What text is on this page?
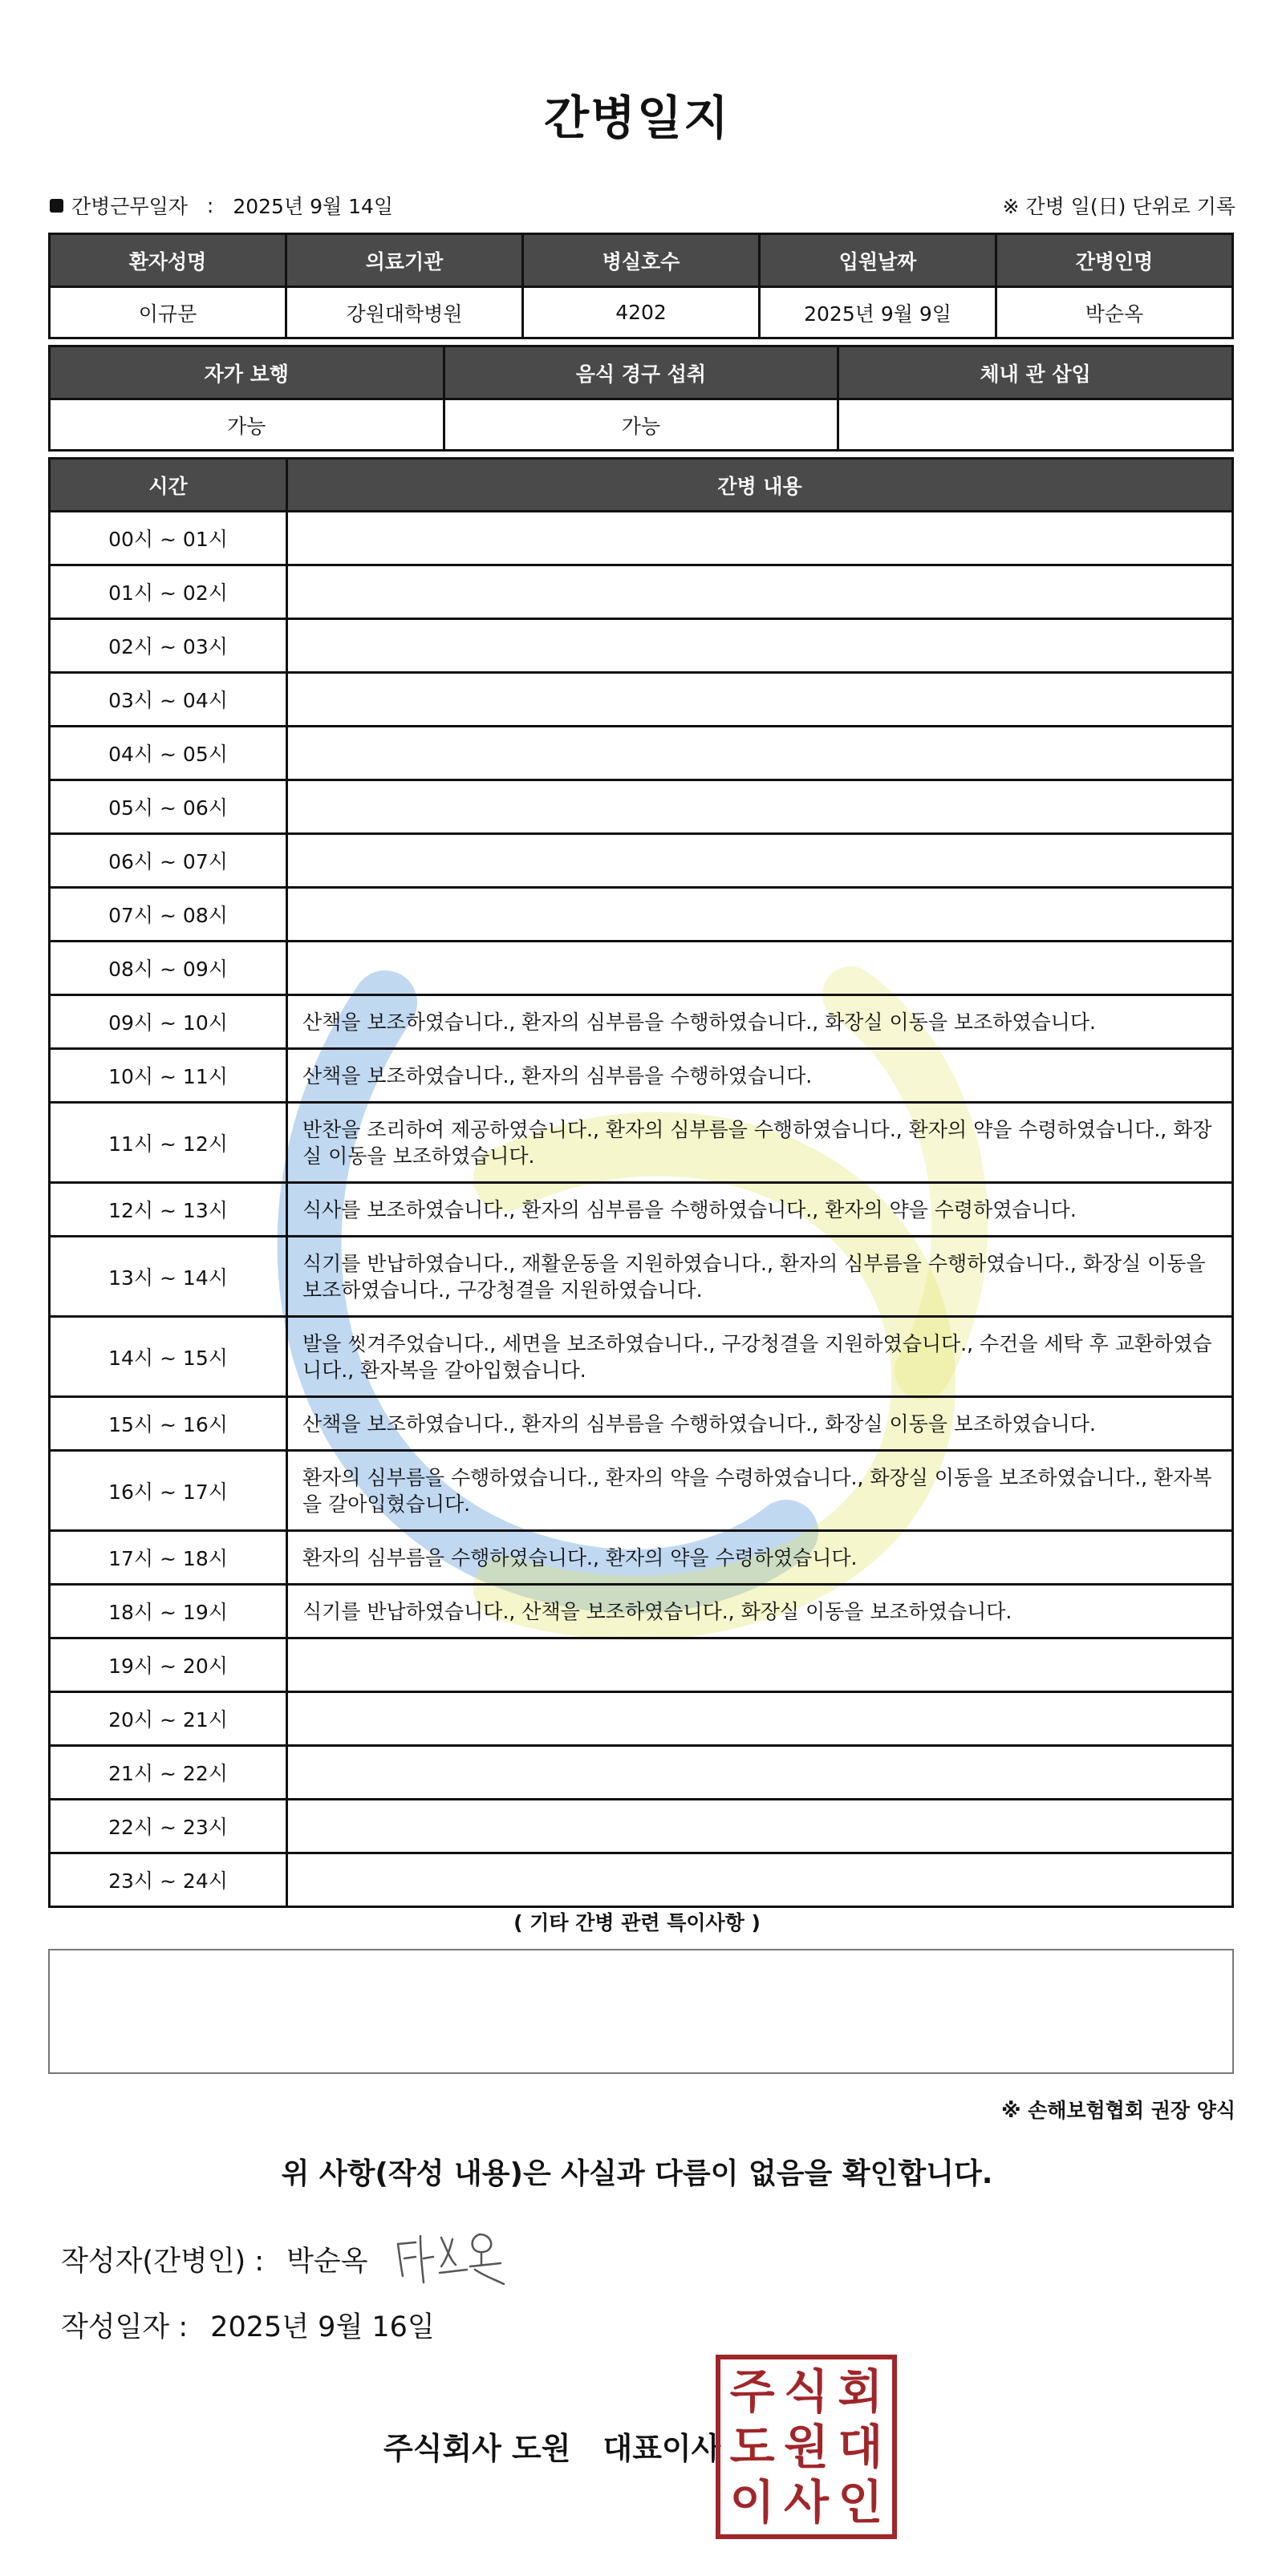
간병일지
간병근무일자 : 2025년 9월 14일	※ 간병 일(日) 단위로 기록
환자성명	의료기관	병실호수	입원날짜	간병인명
이규문	강원대학병원	4202	2025년 9월 9일	박순옥
자가 보행	음식 경구 섭취	체내 관 삽입
가능	가능	
시간	간병 내용
00시 ~ 01시	
01시 ~ 02시	
02시 ~ 03시	
03시 ~ 04시	
04시 ~ 05시	
05시 ~ 06시	
06시 ~ 07시	
07시 ~ 08시	
08시 ~ 09시	
09시 ~ 10시	산책을 보조하였습니다., 환자의 심부름을 수행하였습니다., 화장실 이동을 보조하였습니다.
10시 ~ 11시	산책을 보조하였습니다., 환자의 심부름을 수행하였습니다.
11시 ~ 12시	반찬을 조리하여 제공하였습니다., 환자의 심부름을 수행하였습니다., 환자의 약을 수령하였습니다., 화장실 이동을 보조하였습니다.
12시 ~ 13시	식사를 보조하였습니다., 환자의 심부름을 수행하였습니다., 환자의 약을 수령하였습니다.
13시 ~ 14시	식기를 반납하였습니다., 재활운동을 지원하였습니다., 환자의 심부름을 수행하였습니다., 화장실 이동을 보조하였습니다., 구강청결을 지원하였습니다.
14시 ~ 15시	발을 씻겨주었습니다., 세면을 보조하였습니다., 구강청결을 지원하였습니다., 수건을 세탁 후 교환하였습니다., 환자복을 갈아입혔습니다.
15시 ~ 16시	산책을 보조하였습니다., 환자의 심부름을 수행하였습니다., 화장실 이동을 보조하였습니다.
16시 ~ 17시	환자의 심부름을 수행하였습니다., 환자의 약을 수령하였습니다., 화장실 이동을 보조하였습니다., 환자복을 갈아입혔습니다.
17시 ~ 18시	환자의 심부름을 수행하였습니다., 환자의 약을 수령하였습니다.
18시 ~ 19시	식기를 반납하였습니다., 산책을 보조하였습니다., 화장실 이동을 보조하였습니다.
19시 ~ 20시	
20시 ~ 21시	
21시 ~ 22시	
22시 ~ 23시	
23시 ~ 24시	
( 기타 간병 관련 특이사항 )
※ 손해보험협회 권장 양식
위 사항(작성 내용)은 사실과 다름이 없음을 확인합니다.
작성자(간병인) : 박순옥
작성일자 : 2025년 9월 16일
주식회사 도원 대표이사
주 식 회
도 원 대
이 사 인
